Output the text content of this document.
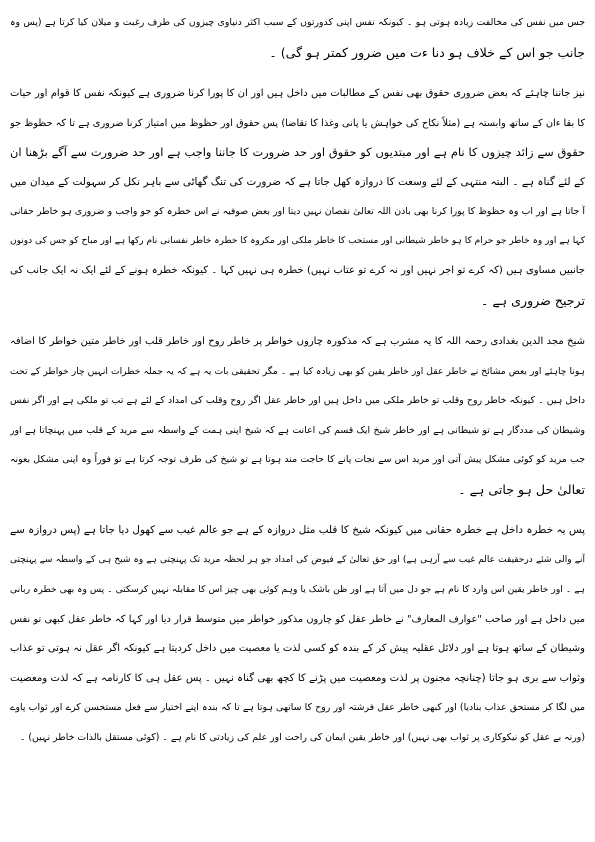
جس میں نفس کی مخالفت زیادہ ہوتی ہو ۔ کیونکہ نفس اپنی کدورتوں کے سبب اکثر دنیاوی چیزوں کی طرف رغبت و میلان کیا کرتا ہے (پس وہ
جانب جو اس کے خلاف ہو دنا ءت میں ضرور کمتر ہو گی) ۔
نیز جاننا چاہئے کہ بعض ضروری حقوق بھی نفس کے مطالبات میں داخل ہیں اور ان کا پورا کرنا ضروری ہے کیونکہ نفس کا قوام اور حیات
کا بقا ءان کے ساتھ وابستہ ہے (مثلاً نکاح کی خواہش یا پانی وغذا کا تقاضا) پس حقوق اور حظوظ میں امتیاز کرنا ضروری ہے تا کہ حظوظ جو
حقوق سے زائد چیزوں کا نام ہے اور مبتدیوں کو حقوق اور حد ضرورت کا جاننا واجب ہے اور حد ضرورت سے آگے بڑھنا ان
کے لئے گناہ ہے ۔ البتہ منتہی کے لئے وسعت کا دروازہ کھل جاتا ہے کہ ضرورت کی تنگ گھاٹی سے باہر نکل کر سہولت کے میدان میں
آ جاتا ہے اور اب وہ حظوظ کا پورا کرنا بھی باذن اللہ تعالیٰ نقصان نہیں دیتا اور بعض صوفیہ نے اس خطرہ کو جو واجب و ضروری ہو خاطر حقانی
کہا ہے اور وہ خاطر جو حرام کا ہو خاطر شیطانی اور مستحب کا خاطر ملکی اور مکروہ کا خطرہ خاطر نفسانی نام رکھا ہے اور مباح کو جس کی دونوں
جانبیں مساوی ہیں (کہ کرے تو اجر نہیں اور نہ کرے تو عتاب نہیں) خطرہ ہی نہیں کہا ۔ کیونکہ خطرہ ہونے کے لئے ایک نہ ایک جانب کی
ترجیح ضروری ہے ۔
شیخ مجد الدین بغدادی رحمہ اللہ کا یہ مشرب ہے کہ مذکورہ چاروں خواطر پر خاطر روح اور خاطر قلب اور خاطر متین خواطر کا اضافہ
ہونا چاہئے اور بعض مشائخ نے خاطر عقل اور خاطر یقین کو بھی زیادہ کیا ہے ۔ مگر تحقیقی بات یہ ہے کہ یہ جملہ خطرات انہیں چار خواطر کے تحت
داخل ہیں ۔ کیونکہ خاطر روح وقلب تو خاطر ملکی میں داخل ہیں اور خاطر عقل اگر روح وقلب کی امداد کے لئے ہے تب تو ملکی ہے اور اگر نفس
وشیطان کی مددگار ہے تو شیطانی ہے اور خاطر شیخ ایک قسم کی اعانت ہے کہ شیخ اپنی ہمت کے واسطہ سے مرید کے قلب میں پہنچاتا ہے اور
جب مرید کو کوئی مشکل پیش آتی اور مرید اس سے نجات پانے کا حاجت مند ہوتا ہے تو شیخ کی طرف توجہ کرتا ہے تو فوراً وہ اپنی مشکل بعونہ
تعالیٰ حل ہو جاتی ہے ۔
پس یہ خطرہ داخل ہے خطرہ حقانی میں کیونکہ شیخ کا قلب مثل دروازہ کے ہے جو عالم غیب سے کھول دیا جاتا ہے (پس دروازہ سے
آنے والی شئے درحقیقت عالم غیب سے آرہی ہے) اور حق تعالیٰ کے فیوض کی امداد جو ہر لحظہ مرید تک پہنچتی ہے وہ شیخ ہی کے واسطہ سے پہنچتی
ہے ۔ اور خاطر یقین اس وارد کا نام ہے جو دل میں آتا ہے اور ظن باشک یا وہم کوئی بھی چیز اس کا مقابلہ نہیں کرسکتی ۔ پس وہ بھی خطرہ ربانی
میں داخل ہے اور صاحب "عوارف المعارف" نے خاطر عقل کو چاروں مذکور خواطر میں متوسط قرار دیا اور کہا کہ خاطر عقل کبھی تو نفس
وشیطان کے ساتھ ہوتا ہے اور دلائل عقلیہ پیش کر کے بندہ کو کسی لذت یا معصیت میں داخل کردیتا ہے کیونکہ اگر عقل نہ ہوتی تو عذاب
وثواب سے بری ہو جاتا (چنانچہ مجنون پر لذت ومعصیت میں پڑنے کا کچھ بھی گناہ نہیں ۔ پس عقل ہی کا کارنامہ ہے کہ لذت ومعصیت
میں لگا کر مستحق عذاب بنادیا) اور کبھی خاطر عقل فرشتہ اور روح کا ساتھی ہوتا ہے تا کہ بندہ اپنے اختیار سے فعل مستحسن کرے اور ثواب پاوے
(ورنہ بے عقل کو نیکوکاری پر ثواب بھی نہیں) اور خاطر یقین ایمان کی راحت اور علم کی زیادتی کا نام ہے ۔ (کوئی مستقل بالذات خاطر نہیں) ۔
